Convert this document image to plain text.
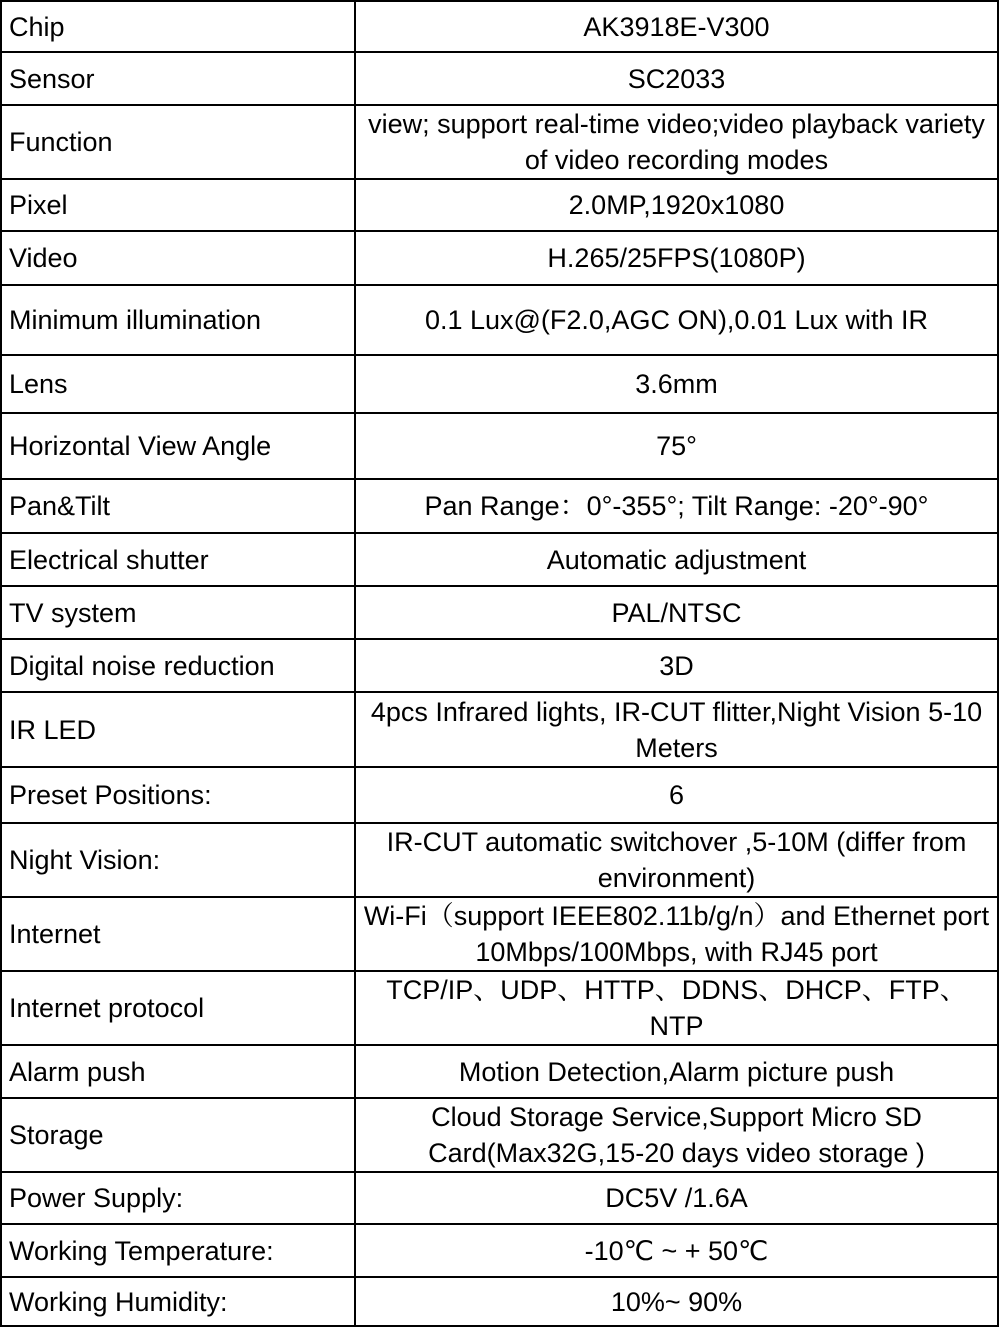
Chip	AK3918E-V300
Sensor	SC2033
Function	view; support real-time video;video playback variety of video recording modes
Pixel	2.0MP,1920x1080
Video	H.265/25FPS(1080P)
Minimum illumination	0.1 Lux@(F2.0,AGC ON),0.01 Lux with IR
Lens	3.6mm
Horizontal View Angle	75°
Pan&Tilt	Pan Range：0°-355°; Tilt Range: -20°-90°
Electrical shutter	Automatic adjustment
TV system	PAL/NTSC
Digital noise reduction	3D
IR LED	4pcs Infrared lights, IR-CUT flitter,Night Vision 5-10 Meters
Preset Positions:	6
Night Vision:	IR-CUT automatic switchover ,5-10M (differ from environment)
Internet	Wi-Fi（support IEEE802.11b/g/n）and Ethernet port 10Mbps/100Mbps, with RJ45 port
Internet protocol	TCP/IP、UDP、HTTP、DDNS、DHCP、FTP、NTP
Alarm push	Motion Detection,Alarm picture push
Storage	Cloud Storage Service,Support Micro SD Card(Max32G,15-20 days video storage )
Power Supply:	DC5V /1.6A
Working Temperature:	-10℃ ~ + 50℃
Working Humidity:	10%~ 90%
